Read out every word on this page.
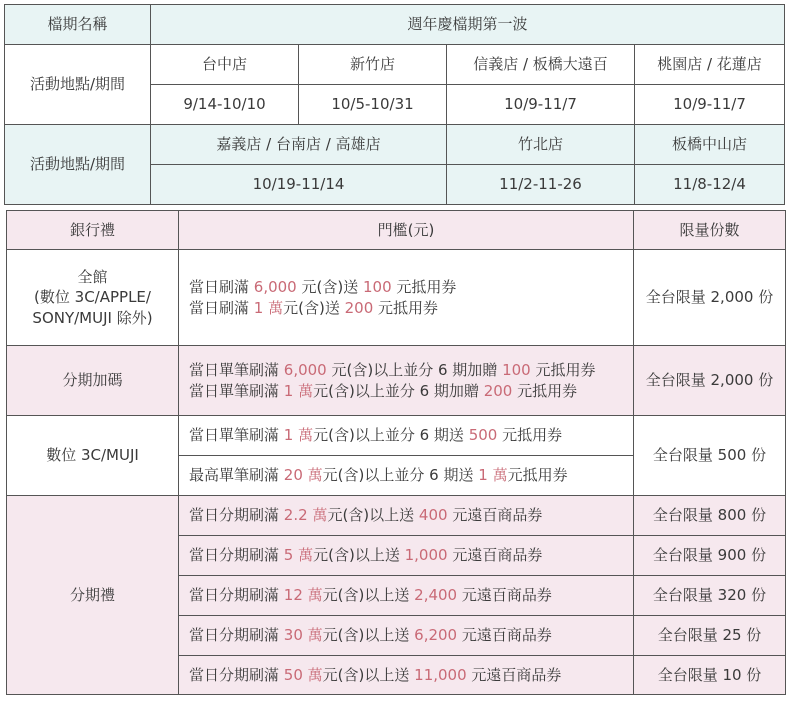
檔期名稱	週年慶檔期第一波			
活動地點/期間	台中店	新竹店	信義店 / 板橋大遠百	桃園店 / 花蓮店
	9/14-10/10	10/5-10/31	10/9-11/7	10/9-11/7
活動地點/期間	嘉義店 / 台南店 / 高雄店		竹北店	板橋中山店
	10/19-11/14		11/2-11-26	11/8-12/4
銀行禮	門檻(元)	限量份數

全館
(數位 3C/APPLE/
SONY/MUJI 除外)	當日刷滿 6,000 元(含)送 100 元抵用券
當日刷滿 1 萬元(含)送 200 元抵用券	全台限量 2,000 份

分期加碼	當日單筆刷滿 6,000 元(含)以上並分 6 期加贈 100 元抵用券
當日單筆刷滿 1 萬元(含)以上並分 6 期加贈 200 元抵用券	全台限量 2,000 份

數位 3C/MUJI	當日單筆刷滿 1 萬元(含)以上並分 6 期送 500 元抵用券	全台限量 500 份

	最高單筆刷滿 20 萬元(含)以上並分 6 期送 1 萬元抵用券	

分期禮	當日分期刷滿 2.2 萬元(含)以上送 400 元遠百商品券	全台限量 800 份

	當日分期刷滿 5 萬元(含)以上送 1,000 元遠百商品券	全台限量 900 份

	當日分期刷滿 12 萬元(含)以上送 2,400 元遠百商品券	全台限量 320 份

	當日分期刷滿 30 萬元(含)以上送 6,200 元遠百商品券	全台限量 25 份

	當日分期刷滿 50 萬元(含)以上送 11,000 元遠百商品券	全台限量 10 份
